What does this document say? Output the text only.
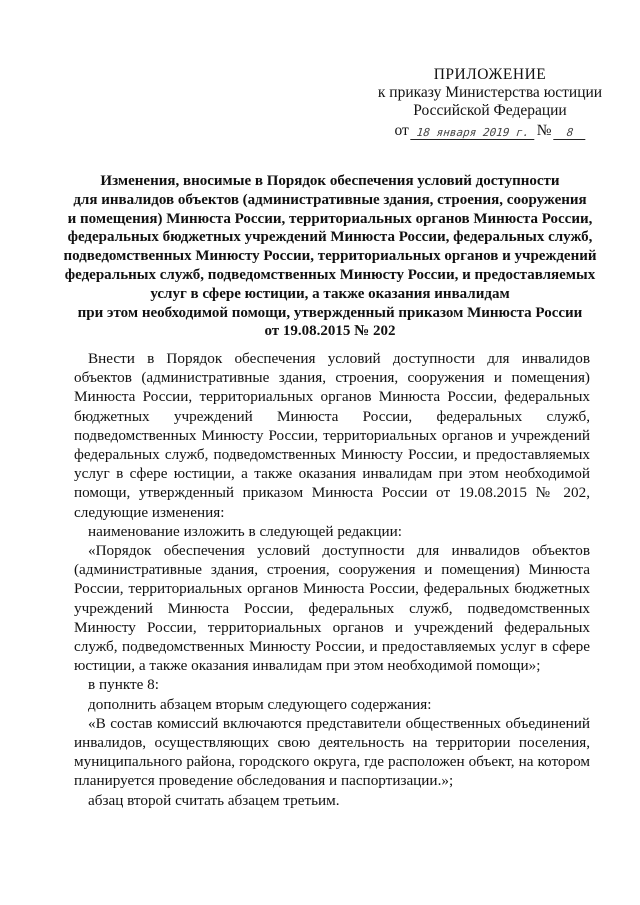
ПРИЛОЖЕНИЕ
к приказу Министерства юстиции
Российской Федерации
от 18 января 2019 г. №	8
Изменения, вносимые в Порядок обеспечения условий доступности
для инвалидов объектов (административные здания, строения, сооружения
и помещения) Минюста России, территориальных органов Минюста России,
федеральных бюджетных учреждений Минюста России, федеральных служб,
подведомственных Минюсту России, территориальных органов и учреждений
федеральных служб, подведомственных Минюсту России, и предоставляемых
услуг в сфере юстиции, а также оказания инвалидам
при этом необходимой помощи, утвержденный приказом Минюста России
от 19.08.2015 № 202

Внести в Порядок обеспечения условий доступности для инвалидов объектов (административные здания, строения, сооружения и помещения) Минюста России, территориальных органов Минюста России, федеральных бюджетных учреждений Минюста России, федеральных служб, подведомственных Минюсту России, территориальных органов и учреждений федеральных служб, подведомственных Минюсту России, и предоставляемых услуг в сфере юстиции, а также оказания инвалидам при этом необходимой помощи, утвержденный приказом Минюста России от 19.08.2015 № 202, следующие изменения:

наименование изложить в следующей редакции:

«Порядок обеспечения условий доступности для инвалидов объектов (административные здания, строения, сооружения и помещения) Минюста России, территориальных органов Минюста России, федеральных бюджетных учреждений Минюста России, федеральных служб, подведомственных Минюсту России, территориальных органов и учреждений федеральных служб, подведомственных Минюсту России, и предоставляемых услуг в сфере юстиции, а также оказания инвалидам при этом необходимой помощи»;

в пункте 8:

дополнить абзацем вторым следующего содержания:

«В состав комиссий включаются представители общественных объединений инвалидов, осуществляющих свою деятельность на территории поселения, муниципального района, городского округа, где расположен объект, на котором планируется проведение обследования и паспортизации.»;

абзац второй считать абзацем третьим.
